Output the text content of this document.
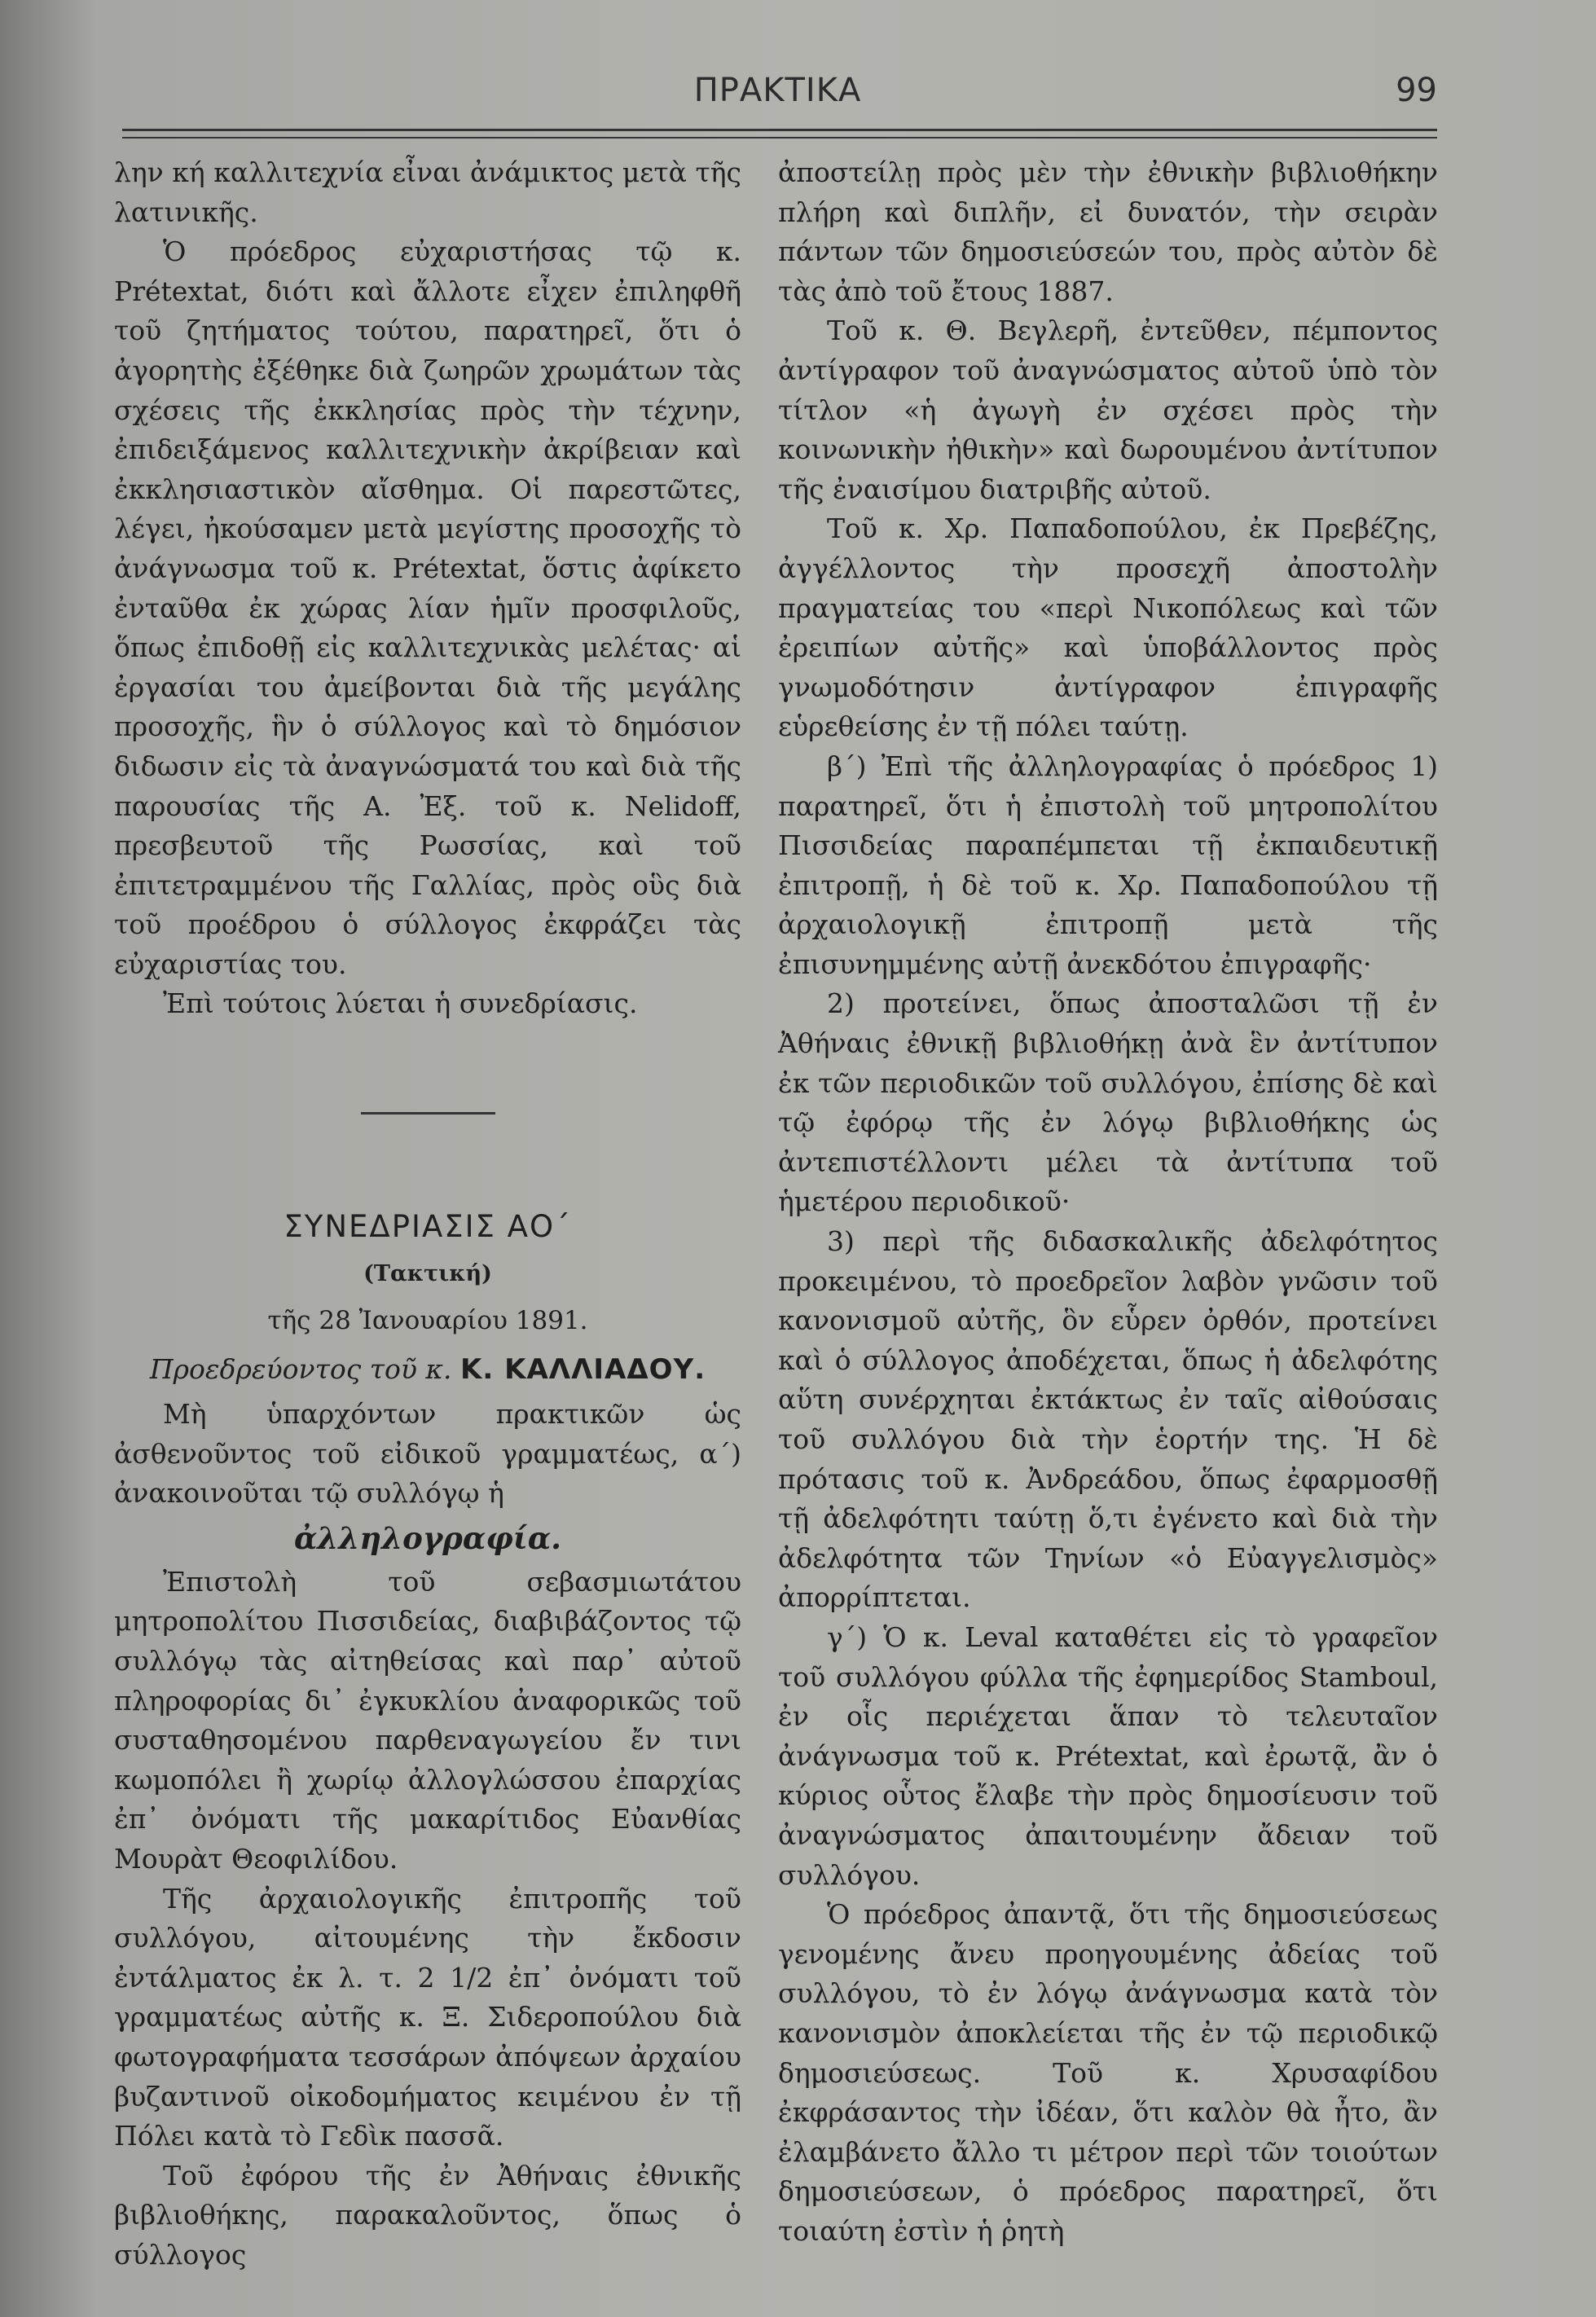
ΠΡΑΚΤΙΚΑ	99

λην κή καλλιτεχνία εἶναι ἀνάμικτος μετὰ τῆς λατινικῆς.

Ὁ πρόεδρος εὐχαριστήσας τῷ κ. Prétextat, διότι καὶ ἄλλοτε εἶχεν ἐπιληφθῆ τοῦ ζητήματος τούτου, παρατηρεῖ, ὅτι ὁ ἀγορητὴς ἐξέθηκε διὰ ζωηρῶν χρωμάτων τὰς σχέσεις τῆς ἐκκλησίας πρὸς τὴν τέχνην, ἐπιδειξάμενος καλλιτεχνικὴν ἀκρίβειαν καὶ ἐκκλησιαστικὸν αἴσθημα. Οἱ παρεστῶτες, λέγει, ἠκούσαμεν μετὰ μεγίστης προσοχῆς τὸ ἀνάγνωσμα τοῦ κ. Prétextat, ὅστις ἀφίκετο ἐνταῦθα ἐκ χώρας λίαν ἡμῖν προσφιλοῦς, ὅπως ἐπιδοθῇ εἰς καλλιτεχνικὰς μελέτας· αἱ ἐργασίαι του ἀμείβονται διὰ τῆς μεγάλης προσοχῆς, ἣν ὁ σύλλογος καὶ τὸ δημόσιον διδωσιν εἰς τὰ ἀναγνώσματά του καὶ διὰ τῆς παρουσίας τῆς Α. Ἐξ. τοῦ κ. Nelidoff, πρεσβευτοῦ τῆς Ρωσσίας, καὶ τοῦ ἐπιτετραμμένου τῆς Γαλλίας, πρὸς οὓς διὰ τοῦ προέδρου ὁ σύλλογος ἐκφράζει τὰς εὐχαριστίας του.

Ἐπὶ τούτοις λύεται ἡ συνεδρίασις.

ΣΥΝΕΔΡΙΑΣΙΣ ΑΟ΄

(Τακτική)

τῆς 28 Ἰανουαρίου 1891.

Προεδρεύοντος τοῦ κ. Κ. ΚΑΛΛΙΑΔΟΥ.

Μὴ ὑπαρχόντων πρακτικῶν ὡς ἀσθενοῦντος τοῦ εἰδικοῦ γραμματέως, α΄) ἀνακοινοῦται τῷ συλλόγῳ ἡ

ἀλληλογραφία.

Ἐπιστολὴ τοῦ σεβασμιωτάτου μητροπολίτου Πισσιδείας, διαβιβάζοντος τῷ συλλόγῳ τὰς αἰτηθείσας καὶ παρ᾽ αὐτοῦ πληροφορίας δι᾽ ἐγκυκλίου ἀναφορικῶς τοῦ συσταθησομένου παρθεναγωγείου ἔν τινι κωμοπόλει ἢ χωρίῳ ἀλλογλώσσου ἐπαρχίας ἐπ᾽ ὀνόματι τῆς μακαρίτιδος Εὐανθίας Μουρὰτ Θεοφιλίδου.

Τῆς ἀρχαιολογικῆς ἐπιτροπῆς τοῦ συλλόγου, αἰτουμένης τὴν ἔκδοσιν ἐντάλματος ἐκ λ. τ. 2 1/2 ἐπ᾽ ὀνόματι τοῦ γραμματέως αὐτῆς κ. Ξ. Σιδεροπούλου διὰ φωτογραφήματα τεσσάρων ἀπόψεων ἀρχαίου βυζαντινοῦ οἰκοδομήματος κειμένου ἐν τῇ Πόλει κατὰ τὸ Γεδὶκ πασσᾶ.

Τοῦ ἐφόρου τῆς ἐν Ἀθήναις ἐθνικῆς βιβλιοθήκης, παρακαλοῦντος, ὅπως ὁ σύλλογος

ἀποστείλῃ πρὸς μὲν τὴν ἐθνικὴν βιβλιοθήκην πλήρη καὶ διπλῆν, εἰ δυνατόν, τὴν σειρὰν πάντων τῶν δημοσιεύσεών του, πρὸς αὐτὸν δὲ τὰς ἀπὸ τοῦ ἔτους 1887.

Τοῦ κ. Θ. Βεγλερῆ, ἐντεῦθεν, πέμποντος ἀντίγραφον τοῦ ἀναγνώσματος αὐτοῦ ὑπὸ τὸν τίτλον «ἡ ἀγωγὴ ἐν σχέσει πρὸς τὴν κοινωνικὴν ἠθικὴν» καὶ δωρουμένου ἀντίτυπον τῆς ἐναισίμου διατριβῆς αὐτοῦ.

Τοῦ κ. Χρ. Παπαδοπούλου, ἐκ Πρεβέζης, ἀγγέλλοντος τὴν προσεχῆ ἀποστολὴν πραγματείας του «περὶ Νικοπόλεως καὶ τῶν ἐρειπίων αὐτῆς» καὶ ὑποβάλλοντος πρὸς γνωμοδότησιν ἀντίγραφον ἐπιγραφῆς εὑρεθείσης ἐν τῇ πόλει ταύτῃ.

β΄) Ἐπὶ τῆς ἀλληλογραφίας ὁ πρόεδρος 1) παρατηρεῖ, ὅτι ἡ ἐπιστολὴ τοῦ μητροπολίτου Πισσιδείας παραπέμπεται τῇ ἐκπαιδευτικῇ ἐπιτροπῇ, ἡ δὲ τοῦ κ. Χρ. Παπαδοπούλου τῇ ἀρχαιολογικῇ ἐπιτροπῇ μετὰ τῆς ἐπισυνημμένης αὐτῇ ἀνεκδότου ἐπιγραφῆς·

2) προτείνει, ὅπως ἀποσταλῶσι τῇ ἐν Ἀθήναις ἐθνικῇ βιβλιοθήκῃ ἀνὰ ἓν ἀντίτυπον ἐκ τῶν περιοδικῶν τοῦ συλλόγου, ἐπίσης δὲ καὶ τῷ ἐφόρῳ τῆς ἐν λόγῳ βιβλιοθήκης ὡς ἀντεπιστέλλοντι μέλει τὰ ἀντίτυπα τοῦ ἡμετέρου περιοδικοῦ·

3) περὶ τῆς διδασκαλικῆς ἀδελφότητος προκειμένου, τὸ προεδρεῖον λαβὸν γνῶσιν τοῦ κανονισμοῦ αὐτῆς, ὃν εὗρεν ὀρθόν, προτείνει καὶ ὁ σύλλογος ἀποδέχεται, ὅπως ἡ ἀδελφότης αὕτη συνέρχηται ἐκτάκτως ἐν ταῖς αἰθούσαις τοῦ συλλόγου διὰ τὴν ἑορτήν της. Ἡ δὲ πρότασις τοῦ κ. Ἀνδρεάδου, ὅπως ἐφαρμοσθῇ τῇ ἀδελφότητι ταύτῃ ὅ,τι ἐγένετο καὶ διὰ τὴν ἀδελφότητα τῶν Τηνίων «ὁ Εὐαγγελισμὸς» ἀπορρίπτεται.

γ΄) Ὁ κ. Leval καταθέτει εἰς τὸ γραφεῖον τοῦ συλλόγου φύλλα τῆς ἐφημερίδος Stamboul, ἐν οἷς περιέχεται ἅπαν τὸ τελευταῖον ἀνάγνωσμα τοῦ κ. Prétextat, καὶ ἐρωτᾷ, ἂν ὁ κύριος οὗτος ἔλαβε τὴν πρὸς δημοσίευσιν τοῦ ἀναγνώσματος ἀπαιτουμένην ἄδειαν τοῦ συλλόγου.

Ὁ πρόεδρος ἀπαντᾷ, ὅτι τῆς δημοσιεύσεως γενομένης ἄνευ προηγουμένης ἀδείας τοῦ συλλόγου, τὸ ἐν λόγῳ ἀνάγνωσμα κατὰ τὸν κανονισμὸν ἀποκλείεται τῆς ἐν τῷ περιοδικῷ δημοσιεύσεως. Τοῦ κ. Χρυσαφίδου ἐκφράσαντος τὴν ἰδέαν, ὅτι καλὸν θὰ ἦτο, ἂν ἐλαμβάνετο ἄλλο τι μέτρον περὶ τῶν τοιούτων δημοσιεύσεων, ὁ πρόεδρος παρατηρεῖ, ὅτι τοιαύτη ἐστὶν ἡ ῥητὴ
